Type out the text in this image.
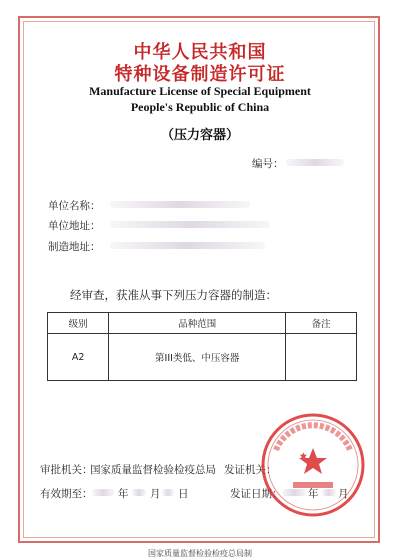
中华人民共和国
特种设备制造许可证
Manufacture License of Special Equipment
People's Republic of China
（压力容器）
编号：
单位名称：
单位地址：
制造地址：
经审查，获准从事下列压力容器的制造：
级别	品种范围	备注
A2	第III类低、中压容器	
审批机关：
国家质量监督检验检疫总局 发证机关：
有效期至： 年 月 日	发证日期： 年 月
国家质量监督检验检疫总局制
